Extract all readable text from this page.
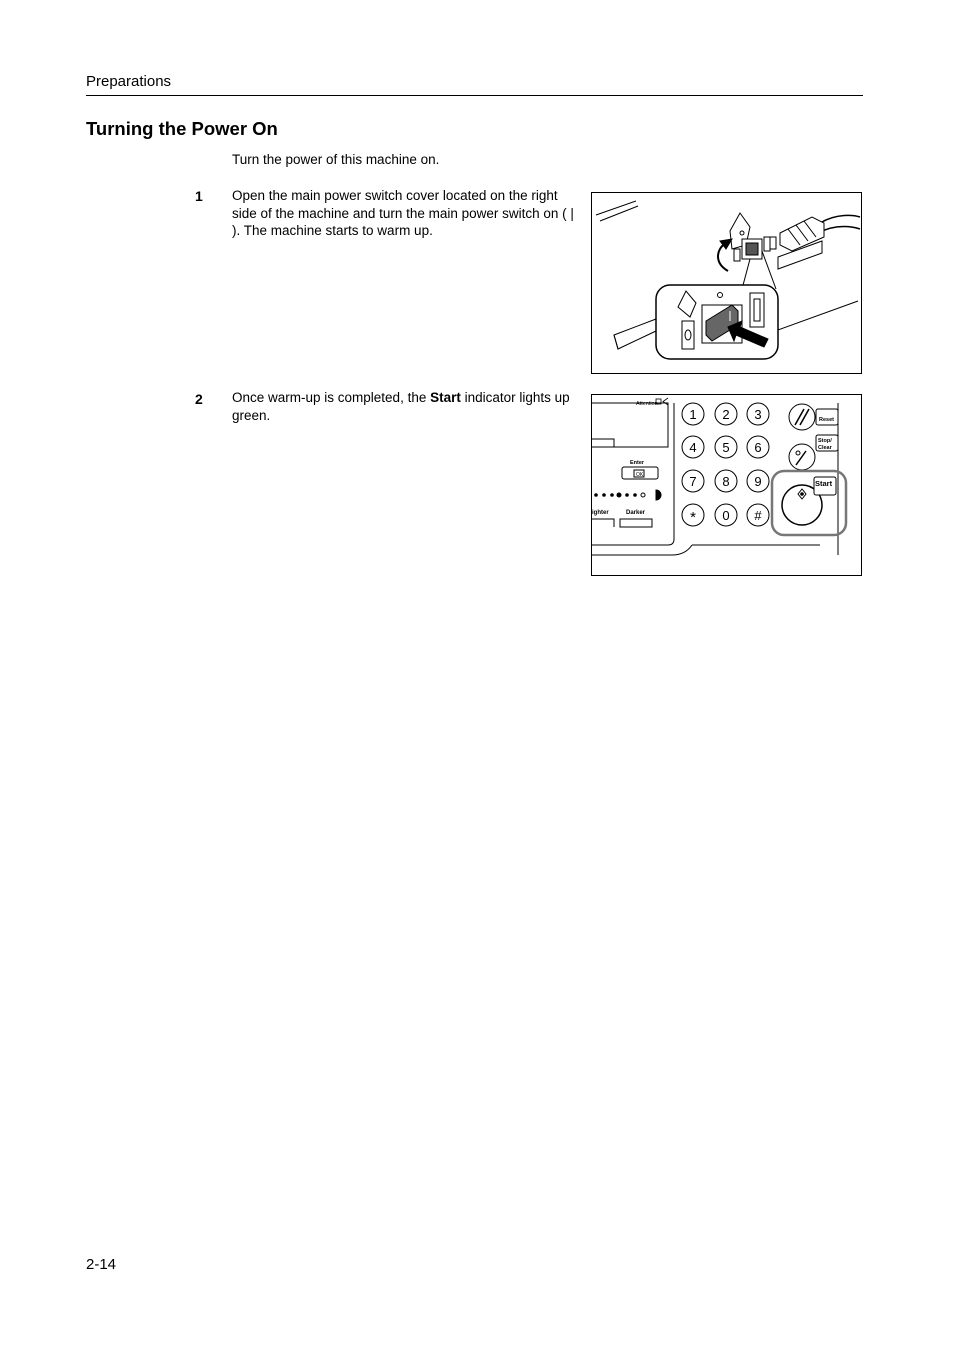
Preparations
Turning the Power On
Turn the power of this machine on.
1 Open the main power switch cover located on the right side of the machine and turn the main power switch on ( | ). The machine starts to warm up.
2 Once warm-up is completed, the Start indicator lights up green.
Attention
Enter
OK
ighter	Darker
1 2 3
4 5 6
7 8 9
* 0 #
Reset
Stop/
Clear
Start
2-14
